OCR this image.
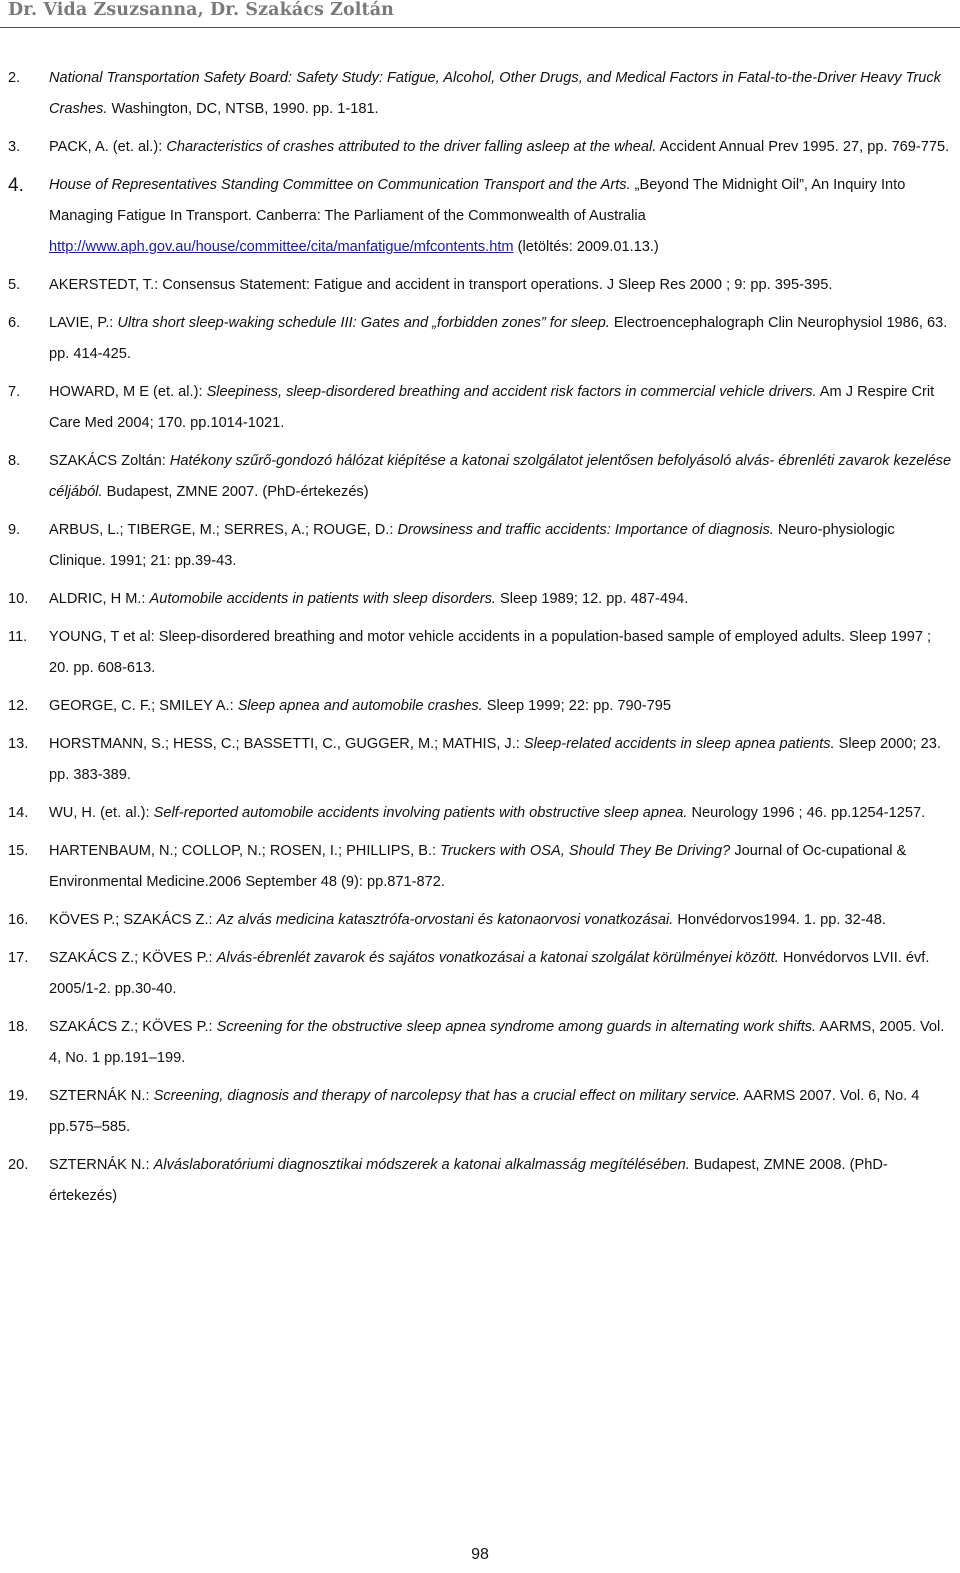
Dr. Vida Zsuzsanna, Dr. Szakács Zoltán
2. National Transportation Safety Board: Safety Study: Fatigue, Alcohol, Other Drugs, and Medical Factors in Fatal-to-the-Driver Heavy Truck Crashes. Washington, DC, NTSB, 1990. pp. 1-181.
3. PACK, A. (et. al.): Characteristics of crashes attributed to the driver falling asleep at the wheal. Accident Annual Prev 1995. 27, pp. 769-775.
4. House of Representatives Standing Committee on Communication Transport and the Arts. „Beyond The Midnight Oil”, An Inquiry Into Managing Fatigue In Transport. Canberra: The Parliament of the Commonwealth of Australia http://www.aph.gov.au/house/committee/cita/manfatigue/mfcontents.htm (letöltés: 2009.01.13.)
5. AKERSTEDT, T.: Consensus Statement: Fatigue and accident in transport operations. J Sleep Res 2000 ; 9: pp. 395-395.
6. LAVIE, P.: Ultra short sleep-waking schedule III: Gates and „forbidden zones” for sleep. Electroencephalograph Clin Neurophysiol 1986, 63. pp. 414-425.
7. HOWARD, M E (et. al.): Sleepiness, sleep-disordered breathing and accident risk factors in commercial vehicle drivers. Am J Respire Crit Care Med 2004; 170. pp.1014-1021.
8. SZAKÁCS Zoltán: Hatékony szűrő-gondozó hálózat kiépítése a katonai szolgálatot jelentősen befolyásoló alvás- ébrenléti zavarok kezelése céljából. Budapest, ZMNE 2007. (PhD-értekezés)
9. ARBUS, L.; TIBERGE, M.; SERRES, A.; ROUGE, D.: Drowsiness and traffic accidents: Importance of diagnosis. Neuro-physiologic Clinique. 1991; 21: pp.39-43.
10. ALDRIC, H M.: Automobile accidents in patients with sleep disorders. Sleep 1989; 12. pp. 487-494.
11. YOUNG, T et al: Sleep-disordered breathing and motor vehicle accidents in a population-based sample of employed adults. Sleep 1997 ; 20. pp. 608-613.
12. GEORGE, C. F.; SMILEY A.: Sleep apnea and automobile crashes. Sleep 1999; 22: pp. 790-795
13. HORSTMANN, S.; HESS, C.; BASSETTI, C., GUGGER, M.; MATHIS, J.: Sleep-related accidents in sleep apnea patients. Sleep 2000; 23. pp. 383-389.
14. WU, H. (et. al.): Self-reported automobile accidents involving patients with obstructive sleep apnea. Neurology 1996 ; 46. pp.1254-1257.
15. HARTENBAUM, N.; COLLOP, N.; ROSEN, I.; PHILLIPS, B.: Truckers with OSA, Should They Be Driving? Journal of Oc-cupational & Environmental Medicine.2006 September 48 (9): pp.871-872.
16. KÖVES P.; SZAKÁCS Z.: Az alvás medicina katasztrófa-orvostani és katonaorvosi vonatkozásai. Honvédorvos1994. 1. pp. 32-48.
17. SZAKÁCS Z.; KÖVES P.: Alvás-ébrenlét zavarok és sajátos vonatkozásai a katonai szolgálat körülményei között. Honvédorvos LVII. évf. 2005/1-2. pp.30-40.
18. SZAKÁCS Z.; KÖVES P.: Screening for the obstructive sleep apnea syndrome among guards in alternating work shifts. AARMS, 2005. Vol. 4, No. 1 pp.191–199.
19. SZTERNÁK N.: Screening, diagnosis and therapy of narcolepsy that has a crucial effect on military service. AARMS 2007. Vol. 6, No. 4 pp.575–585.
20. SZTERNÁK N.: Alváslaboratóriumi diagnosztikai módszerek a katonai alkalmasság megítélésében. Budapest, ZMNE 2008. (PhD-értekezés)
98
